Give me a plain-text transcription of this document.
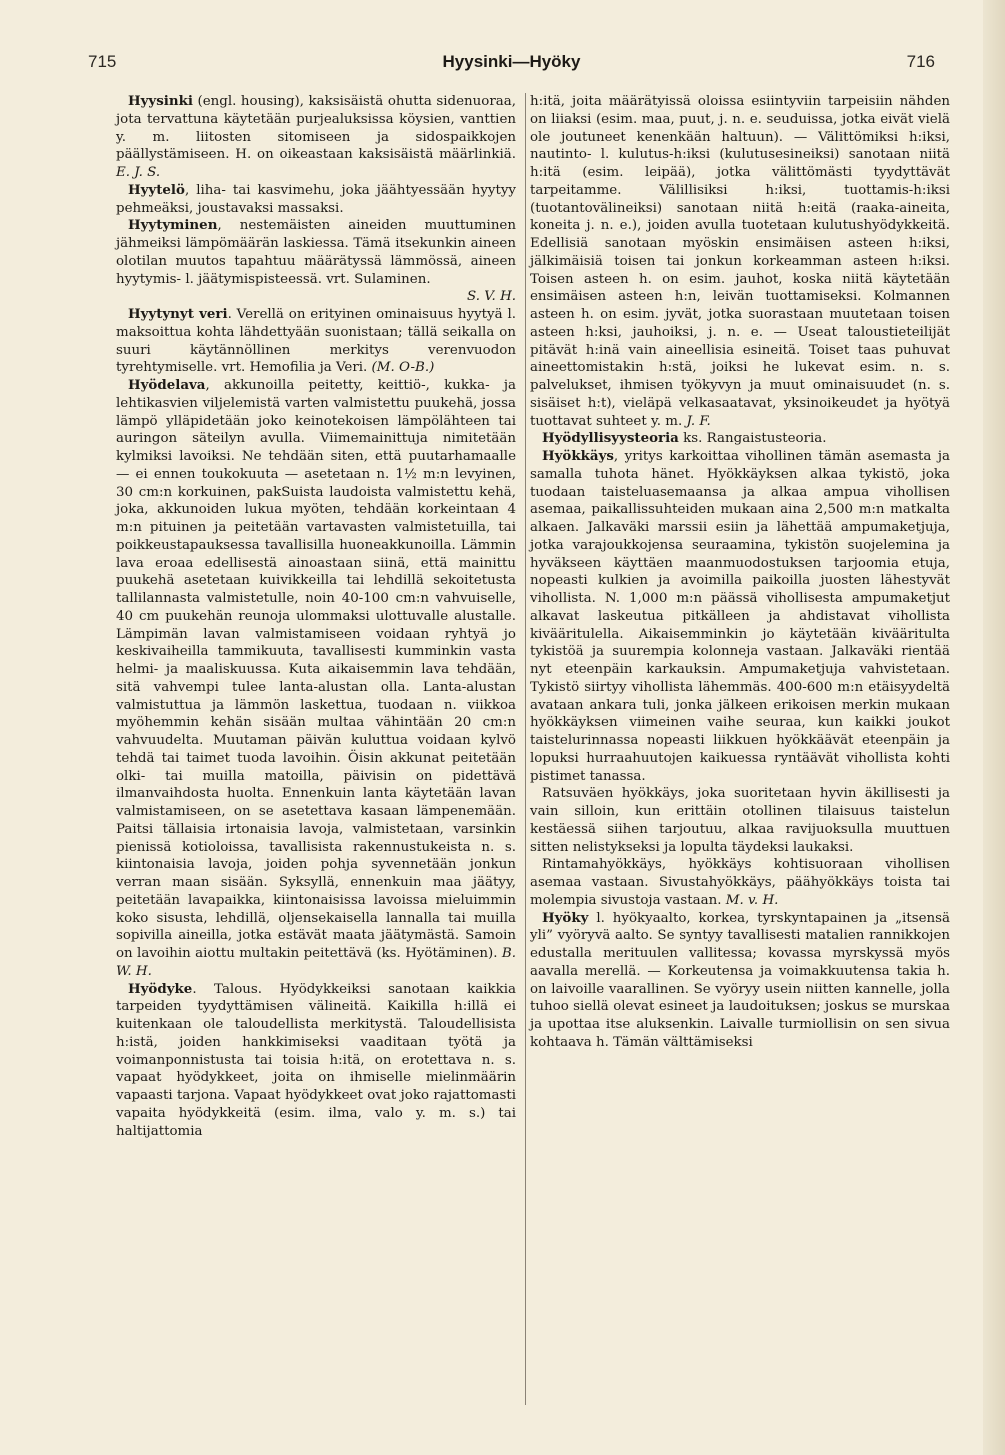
715	Hyysinki—Hyöky	716

Hyysinki (engl. housing), kaksisäistä ohutta sidenuoraa, jota tervattuna käytetään purjealuksissa köysien, vanttien y. m. liitosten sitomiseen ja sidospaikkojen päällystämiseen. H. on oikeastaan kaksisäistä määrlinkiä. E. J. S.

Hyytelö, liha- tai kasvimehu, joka jäähtyessään hyytyy pehmeäksi, joustavaksi massaksi.

Hyytyminen, nestemäisten aineiden muuttuminen jähmeiksi lämpömäärän laskiessa. Tämä itsekunkin aineen olotilan muutos tapahtuu määrätyssä lämmössä, aineen hyytymis- l. jäätymispisteessä. vrt. Sulaminen.

S. V. H.

Hyytynyt veri. Verellä on erityinen ominaisuus hyytyä l. maksoittua kohta lähdettyään suonistaan; tällä seikalla on suuri käytännöllinen merkitys verenvuodon tyrehtymiselle. vrt. Hemofilia ja Veri. (M. O-B.)

Hyödelava, akkunoilla peitetty, keittiö-, kukka- ja lehtikasvien viljelemistä varten valmistettu puukehä, jossa lämpö ylläpidetään joko keinotekoisen lämpölähteen tai auringon säteilyn avulla. Viimemainittuja nimitetään kylmiksi lavoiksi. Ne tehdään siten, että puutarhamaalle — ei ennen toukokuuta — asetetaan n. 1½ m:n levyinen, 30 cm:n korkuinen, pakSuista laudoista valmistettu kehä, joka, akkunoiden lukua myöten, tehdään korkeintaan 4 m:n pituinen ja peitetään vartavasten valmistetuilla, tai poikkeustapauksessa tavallisilla huoneakkunoilla. Lämmin lava eroaa edellisestä ainoastaan siinä, että mainittu puukehä asetetaan kuivikkeilla tai lehdillä sekoitetusta tallilannasta valmistetulle, noin 40-100 cm:n vahvuiselle, 40 cm puukehän reunoja ulommaksi ulottuvalle alustalle. Lämpimän lavan valmistamiseen voidaan ryhtyä jo keskivaiheilla tammikuuta, tavallisesti kumminkin vasta helmi- ja maaliskuussa. Kuta aikaisemmin lava tehdään, sitä vahvempi tulee lanta-alustan olla. Lanta-alustan valmistuttua ja lämmön laskettua, tuodaan n. viikkoa myöhemmin kehän sisään multaa vähintään 20 cm:n vahvuudelta. Muutaman päivän kuluttua voidaan kylvö tehdä tai taimet tuoda lavoihin. Öisin akkunat peitetään olki- tai muilla matoilla, päivisin on pidettävä ilmanvaihdosta huolta. Ennenkuin lanta käytetään lavan valmistamiseen, on se asetettava kasaan lämpenemään. Paitsi tällaisia irtonaisia lavoja, valmistetaan, varsinkin pienissä kotioloissa, tavallisista rakennustukeista n. s. kiintonaisia lavoja, joiden pohja syvennetään jonkun verran maan sisään. Syksyllä, ennenkuin maa jäätyy, peitetään lavapaikka, kiintonaisissa lavoissa mieluimmin koko sisusta, lehdillä, oljensekaisella lannalla tai muilla sopivilla aineilla, jotka estävät maata jäätymästä. Samoin on lavoihin aiottu multakin peitettävä (ks. Hyötäminen). B. W. H.

Hyödyke. Talous. Hyödykkeiksi sanotaan kaikkia tarpeiden tyydyttämisen välineitä. Kaikilla h:illä ei kuitenkaan ole taloudellista merkitystä. Taloudellisista h:istä, joiden hankkimiseksi vaaditaan työtä ja voimanponnistusta tai toisia h:itä, on erotettava n. s. vapaat hyödykkeet, joita on ihmiselle mielinmäärin vapaasti tarjona. Vapaat hyödykkeet ovat joko rajattomasti vapaita hyödykkeitä (esim. ilma, valo y. m. s.) tai haltijattomia

h:itä, joita määrätyissä oloissa esiintyviin tarpeisiin nähden on liiaksi (esim. maa, puut, j. n. e. seuduissa, jotka eivät vielä ole joutuneet kenenkään haltuun). — Välittömiksi h:iksi, nautinto- l. kulutus-h:iksi (kulutusesineiksi) sanotaan niitä h:itä (esim. leipää), jotka välittömästi tyydyttävät tarpeitamme. Välillisiksi h:iksi, tuottamis-h:iksi (tuotantovälineiksi) sanotaan niitä h:eitä (raaka-aineita, koneita j. n. e.), joiden avulla tuotetaan kulutushyödykkeitä. Edellisiä sanotaan myöskin ensimäisen asteen h:iksi, jälkimäisiä toisen tai jonkun korkeamman asteen h:iksi. Toisen asteen h. on esim. jauhot, koska niitä käytetään ensimäisen asteen h:n, leivän tuottamiseksi. Kolmannen asteen h. on esim. jyvät, jotka suorastaan muutetaan toisen asteen h:ksi, jauhoiksi, j. n. e. — Useat taloustieteilijät pitävät h:inä vain aineellisia esineitä. Toiset taas puhuvat aineettomistakin h:stä, joiksi he lukevat esim. n. s. palvelukset, ihmisen työkyvyn ja muut ominaisuudet (n. s. sisäiset h:t), vieläpä velkasaatavat, yksinoikeudet ja hyötyä tuottavat suhteet y. m. J. F.

Hyödyllisyysteoria ks. Rangaistusteoria.

Hyökkäys, yritys karkoittaa vihollinen tämän asemasta ja samalla tuhota hänet. Hyökkäyksen alkaa tykistö, joka tuodaan taisteluasemaansa ja alkaa ampua vihollisen asemaa, paikallissuhteiden mukaan aina 2,500 m:n matkalta alkaen. Jalkaväki marssii esiin ja lähettää ampumaketjuja, jotka varajoukkojensa seuraamina, tykistön suojelemina ja hyväkseen käyttäen maanmuodostuksen tarjoomia etuja, nopeasti kulkien ja avoimilla paikoilla juosten lähestyvät vihollista. N. 1,000 m:n päässä vihollisesta ampumaketjut alkavat laskeutua pitkälleen ja ahdistavat vihollista kivääritulella. Aikaisemminkin jo käytetään kivääritulta tykistöä ja suurempia kolonneja vastaan. Jalkaväki rientää nyt eteenpäin karkauksin. Ampumaketjuja vahvistetaan. Tykistö siirtyy vihollista lähemmäs. 400-600 m:n etäisyydeltä avataan ankara tuli, jonka jälkeen erikoisen merkin mukaan hyökkäyksen viimeinen vaihe seuraa, kun kaikki joukot taistelurinnassa nopeasti liikkuen hyökkäävät eteenpäin ja lopuksi hurraahuutojen kaikuessa ryntäävät vihollista kohti pistimet tanassa.

Ratsuväen hyökkäys, joka suoritetaan hyvin äkillisesti ja vain silloin, kun erittäin otollinen tilaisuus taistelun kestäessä siihen tarjoutuu, alkaa ravijuoksulla muuttuen sitten nelistykseksi ja lopulta täydeksi laukaksi.

Rintamahyökkäys, hyökkäys kohtisuoraan vihollisen asemaa vastaan. Sivustahyökkäys, päähyökkäys toista tai molempia sivustoja vastaan. M. v. H.

Hyöky l. hyökyaalto, korkea, tyrskyntapainen ja „itsensä yli” vyöryvä aalto. Se syntyy tavallisesti matalien rannikkojen edustalla merituulen vallitessa; kovassa myrskyssä myös aavalla merellä. — Korkeutensa ja voimakkuutensa takia h. on laivoille vaarallinen. Se vyöryy usein niitten kannelle, jolla tuhoo siellä olevat esineet ja laudoituksen; joskus se murskaa ja upottaa itse aluksenkin. Laivalle turmiollisin on sen sivua kohtaava h. Tämän välttämiseksi
